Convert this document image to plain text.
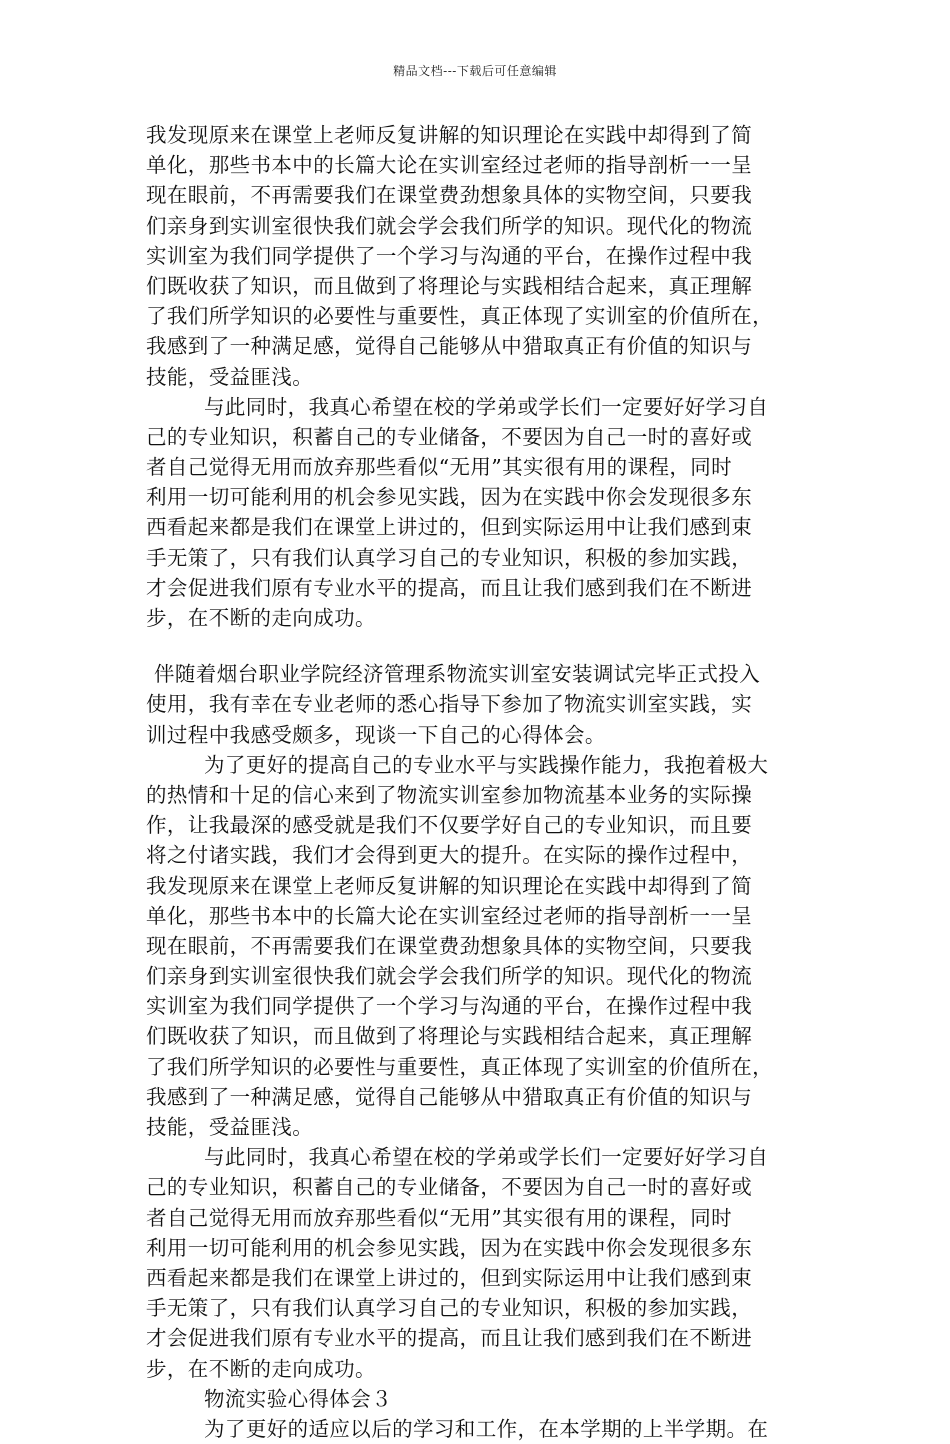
精品文档---下载后可任意编辑
我发现原来在课堂上老师反复讲解的知识理论在实践中却得到了简
单化，那些书本中的长篇大论在实训室经过老师的指导剖析一一呈
现在眼前，不再需要我们在课堂费劲想象具体的实物空间，只要我
们亲身到实训室很快我们就会学会我们所学的知识。现代化的物流
实训室为我们同学提供了一个学习与沟通的平台，在操作过程中我
们既收获了知识，而且做到了将理论与实践相结合起来，真正理解
了我们所学知识的必要性与重要性，真正体现了实训室的价值所在，
我感到了一种满足感，觉得自己能够从中猎取真正有价值的知识与
技能，受益匪浅。
与此同时，我真心希望在校的学弟或学长们一定要好好学习自
己的专业知识，积蓄自己的专业储备，不要因为自己一时的喜好或
者自己觉得无用而放弃那些看似“无用”其实很有用的课程，同时
利用一切可能利用的机会参见实践，因为在实践中你会发现很多东
西看起来都是我们在课堂上讲过的，但到实际运用中让我们感到束
手无策了，只有我们认真学习自己的专业知识，积极的参加实践，
才会促进我们原有专业水平的提高，而且让我们感到我们在不断进
步，在不断的走向成功。
伴随着烟台职业学院经济管理系物流实训室安装调试完毕正式投入
使用，我有幸在专业老师的悉心指导下参加了物流实训室实践，实
训过程中我感受颇多，现谈一下自己的心得体会。
为了更好的提高自己的专业水平与实践操作能力，我抱着极大
的热情和十足的信心来到了物流实训室参加物流基本业务的实际操
作，让我最深的感受就是我们不仅要学好自己的专业知识，而且要
将之付诸实践，我们才会得到更大的提升。在实际的操作过程中，
我发现原来在课堂上老师反复讲解的知识理论在实践中却得到了简
单化，那些书本中的长篇大论在实训室经过老师的指导剖析一一呈
现在眼前，不再需要我们在课堂费劲想象具体的实物空间，只要我
们亲身到实训室很快我们就会学会我们所学的知识。现代化的物流
实训室为我们同学提供了一个学习与沟通的平台，在操作过程中我
们既收获了知识，而且做到了将理论与实践相结合起来，真正理解
了我们所学知识的必要性与重要性，真正体现了实训室的价值所在，
我感到了一种满足感，觉得自己能够从中猎取真正有价值的知识与
技能，受益匪浅。
与此同时，我真心希望在校的学弟或学长们一定要好好学习自
己的专业知识，积蓄自己的专业储备，不要因为自己一时的喜好或
者自己觉得无用而放弃那些看似“无用”其实很有用的课程，同时
利用一切可能利用的机会参见实践，因为在实践中你会发现很多东
西看起来都是我们在课堂上讲过的，但到实际运用中让我们感到束
手无策了，只有我们认真学习自己的专业知识，积极的参加实践，
才会促进我们原有专业水平的提高，而且让我们感到我们在不断进
步，在不断的走向成功。
物流实验心得体会３
为了更好的适应以后的学习和工作，在本学期的上半学期。在
